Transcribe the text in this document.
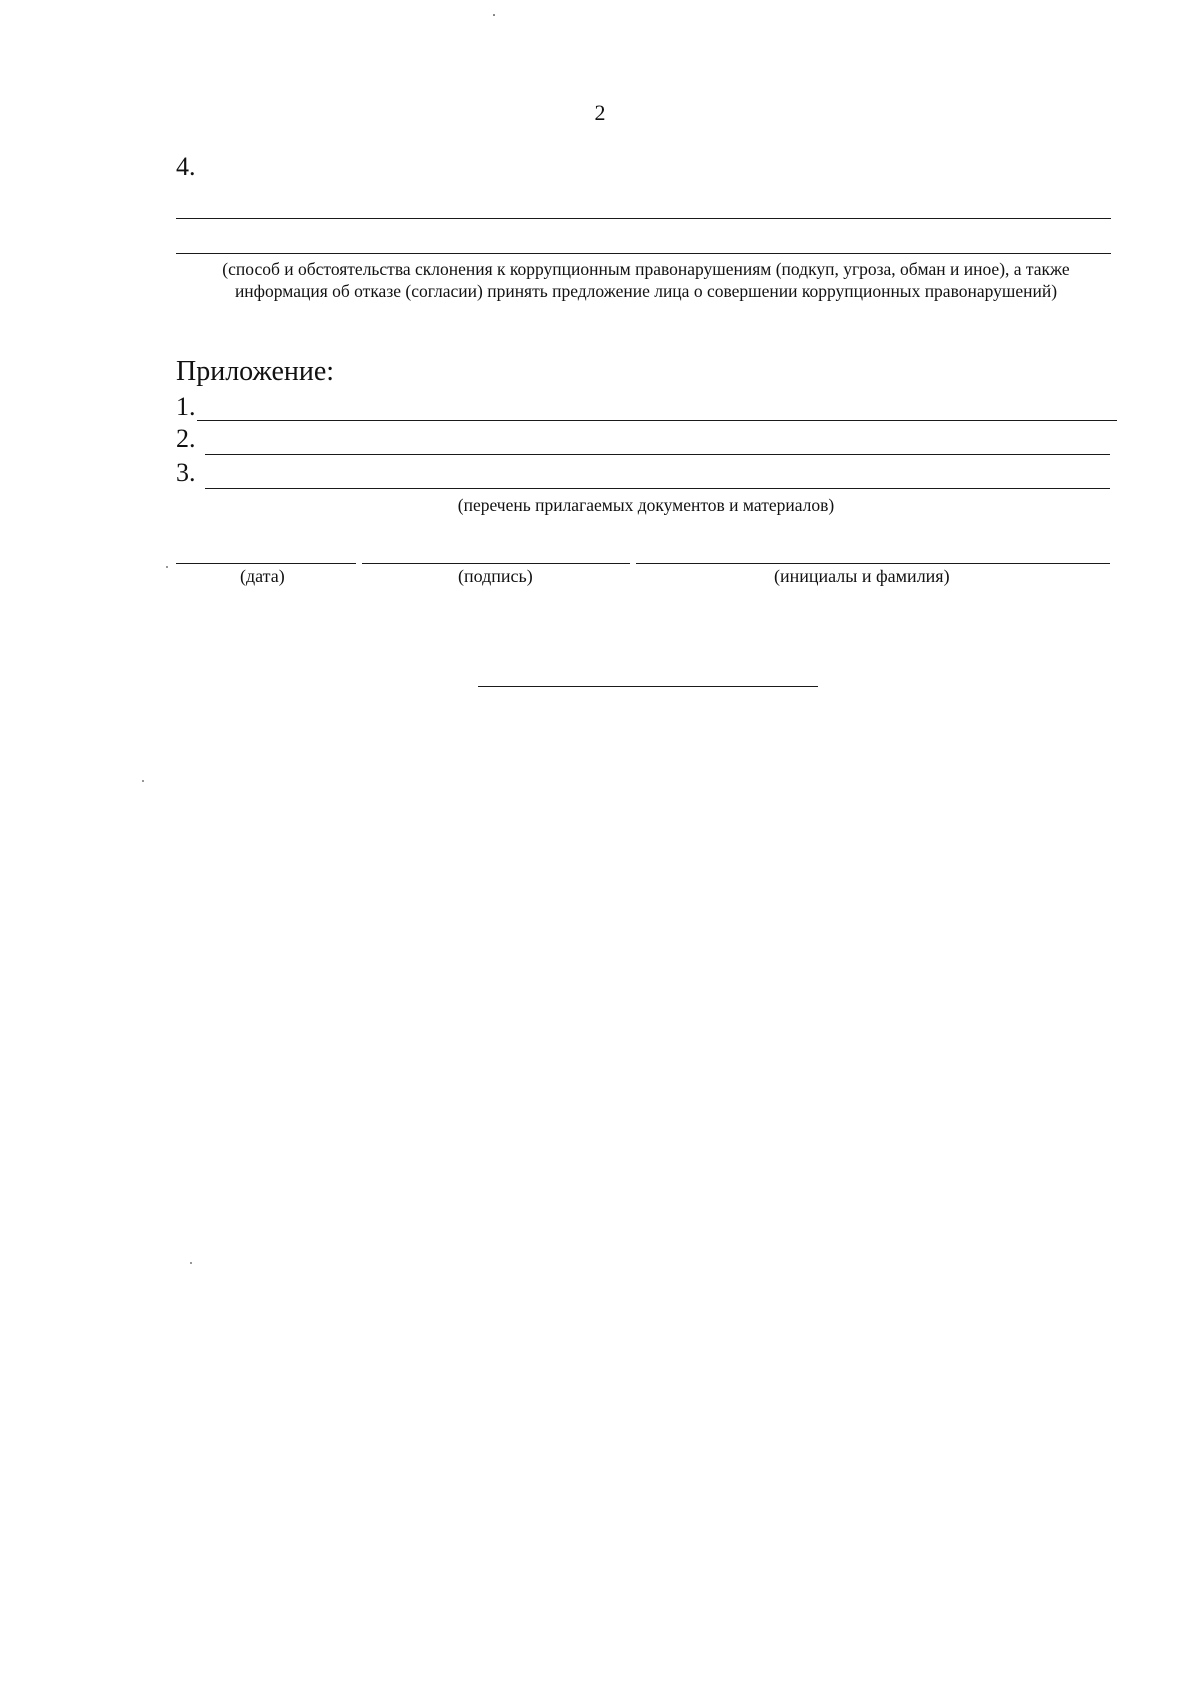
2
4.
(способ и обстоятельства склонения к коррупционным правонарушениям (подкуп, угроза, обман и иное), а также информация об отказе (согласии) принять предложение лица о совершении коррупционных правонарушений)
Приложение:
1.
2.
3.
(перечень прилагаемых документов и материалов)
(дата)	(подпись)	(инициалы и фамилия)
